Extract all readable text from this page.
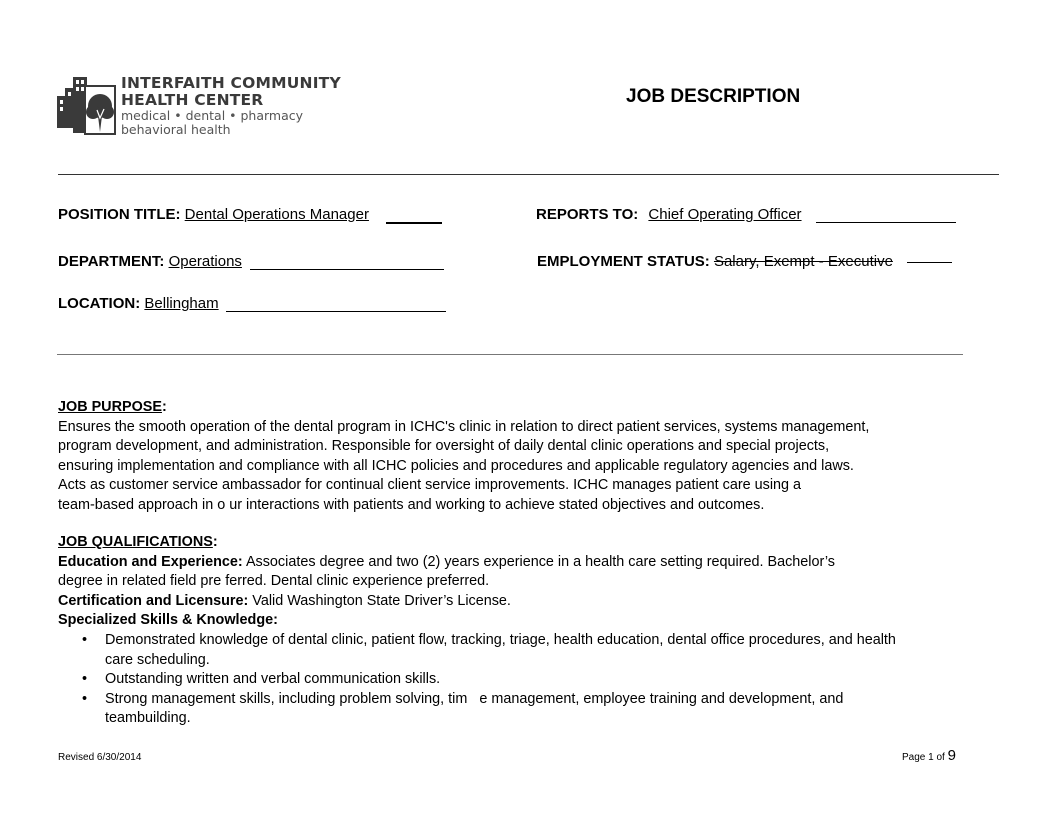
INTERFAITH COMMUNITY
HEALTH CENTER
medical • dental • pharmacy
behavioral health
JOB DESCRIPTION
POSITION TITLE: Dental Operations Manager	REPORTS TO: Chief Operating Officer
DEPARTMENT: Operations	EMPLOYMENT STATUS: Salary, Exempt - Executive
LOCATION: Bellingham
JOB PURPOSE:
Ensures the smooth operation of the dental program in ICHC's clinic in relation to direct patient services, systems management,
program development, and administration. Responsible for oversight of daily dental clinic operations and special projects,
ensuring implementation and compliance with all ICHC policies and procedures and applicable regulatory agencies and laws.
Acts as customer service ambassador for continual client service improvements. ICHC manages patient care using a
team-based approach in o ur interactions with patients and working to achieve stated objectives and outcomes.
JOB QUALIFICATIONS:
Education and Experience: Associates degree and two (2) years experience in a health care setting required. Bachelor’s
degree in related field pre ferred. Dental clinic experience preferred.
Certification and Licensure: Valid Washington State Driver’s License.
Specialized Skills & Knowledge:
• Demonstrated knowledge of dental clinic, patient flow, tracking, triage, health education, dental office procedures, and health care scheduling.
• Outstanding written and verbal communication skills.
• Strong management skills, including problem solving, tim   e management, employee training and development, and teambuilding.
Revised 6/30/2014	Page 1 of 9
